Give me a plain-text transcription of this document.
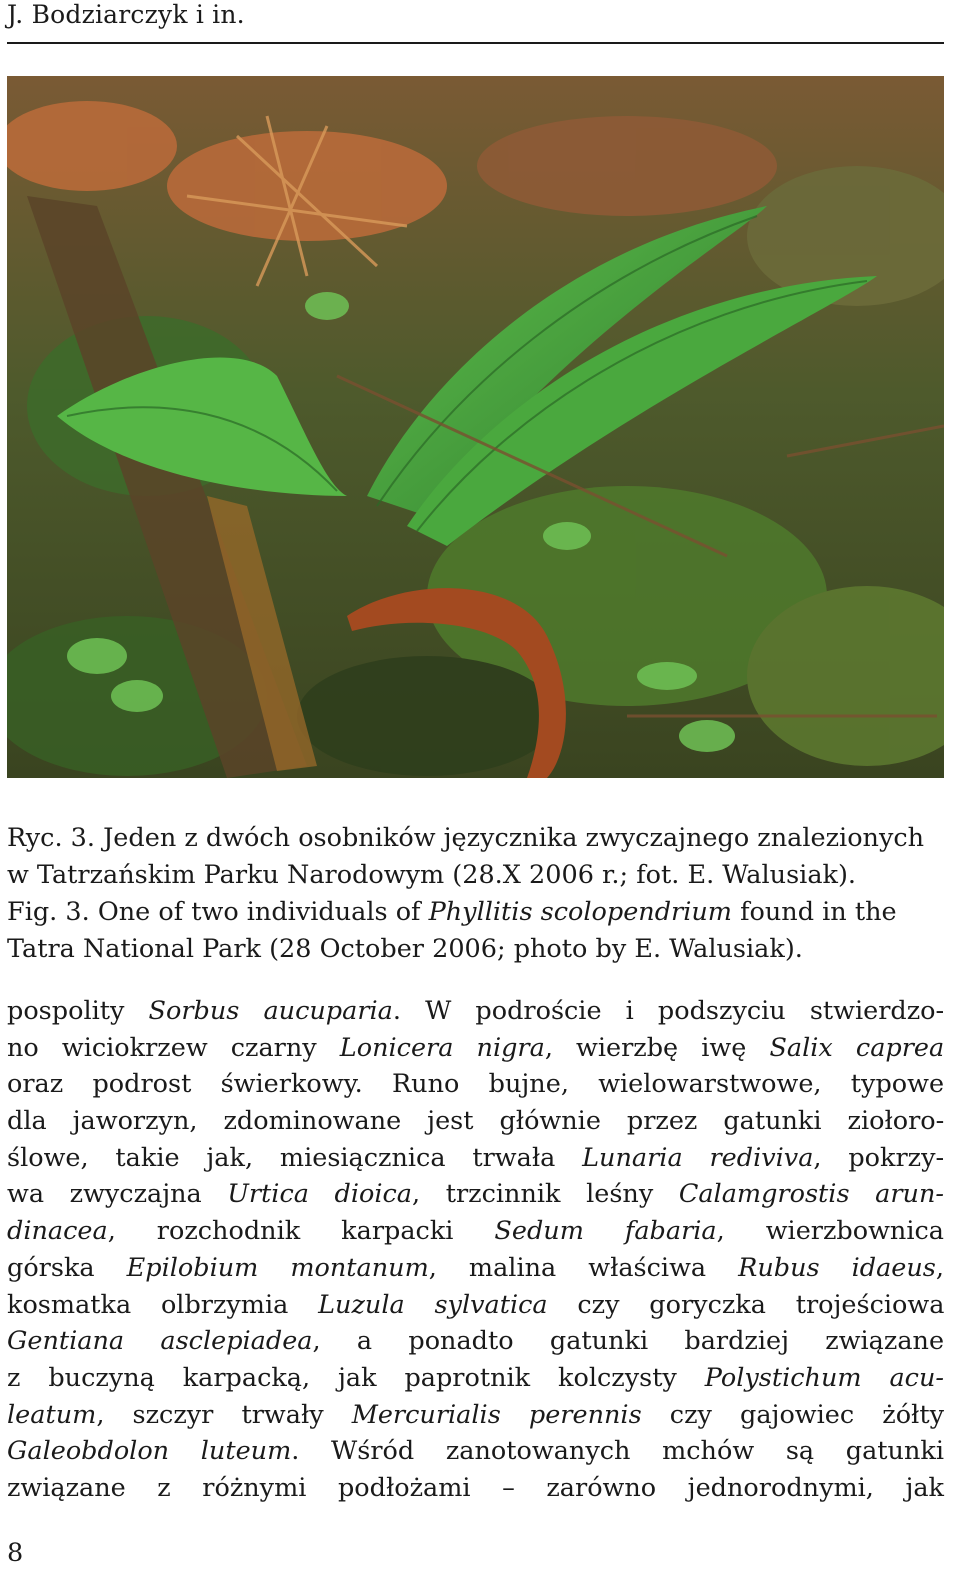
J. Bodziarczyk i in.
Ryc. 3. Jeden z dwóch osobników języcznika zwyczajnego znalezionych
w Tatrzańskim Parku Narodowym (28.X 2006 r.; fot. E. Walusiak).
Fig. 3. One of two individuals of Phyllitis scolopendrium found in the
Tatra National Park (28 October 2006; photo by E. Walusiak).
pospolity Sorbus aucuparia. W podroście i podszyciu stwierdzo-
no wiciokrzew czarny Lonicera nigra, wierzbę iwę Salix caprea
oraz podrost świerkowy. Runo bujne, wielowarstwowe, typowe
dla jaworzyn, zdominowane jest głównie przez gatunki ziołoro-
ślowe, takie jak, miesiącznica trwała Lunaria rediviva, pokrzy-
wa zwyczajna Urtica dioica, trzcinnik leśny Calamgrostis arun-
dinacea, rozchodnik karpacki Sedum fabaria, wierzbownica
górska Epilobium montanum, malina właściwa Rubus idaeus,
kosmatka olbrzymia Luzula sylvatica czy goryczka trojeściowa
Gentiana asclepiadea, a ponadto gatunki bardziej związane
z buczyną karpacką, jak paprotnik kolczysty Polystichum acu-
leatum, szczyr trwały Mercurialis perennis czy gajowiec żółty
Galeobdolon luteum. Wśród zanotowanych mchów są gatunki
związane z różnymi podłożami – zarówno jednorodnymi, jak
8
